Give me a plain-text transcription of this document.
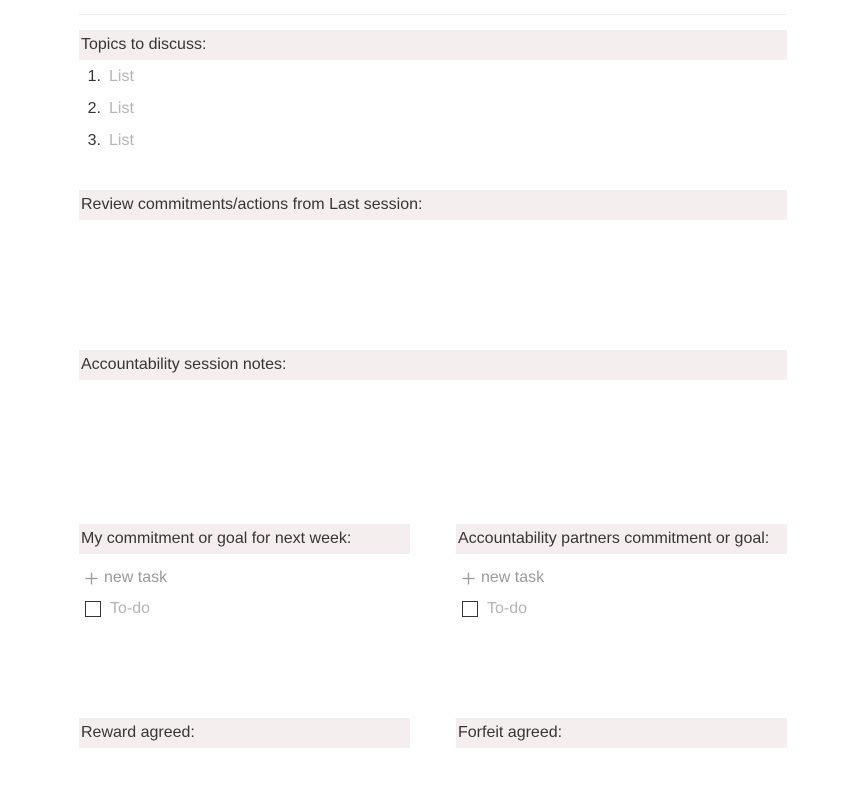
Topics to discuss:
1. List
2. List
3. List
Review commitments/actions from Last session:
Accountability session notes:
My commitment or goal for next week:
new task
To-do
Accountability partners commitment or goal:
new task
To-do
Reward agreed:	Forfeit agreed:
